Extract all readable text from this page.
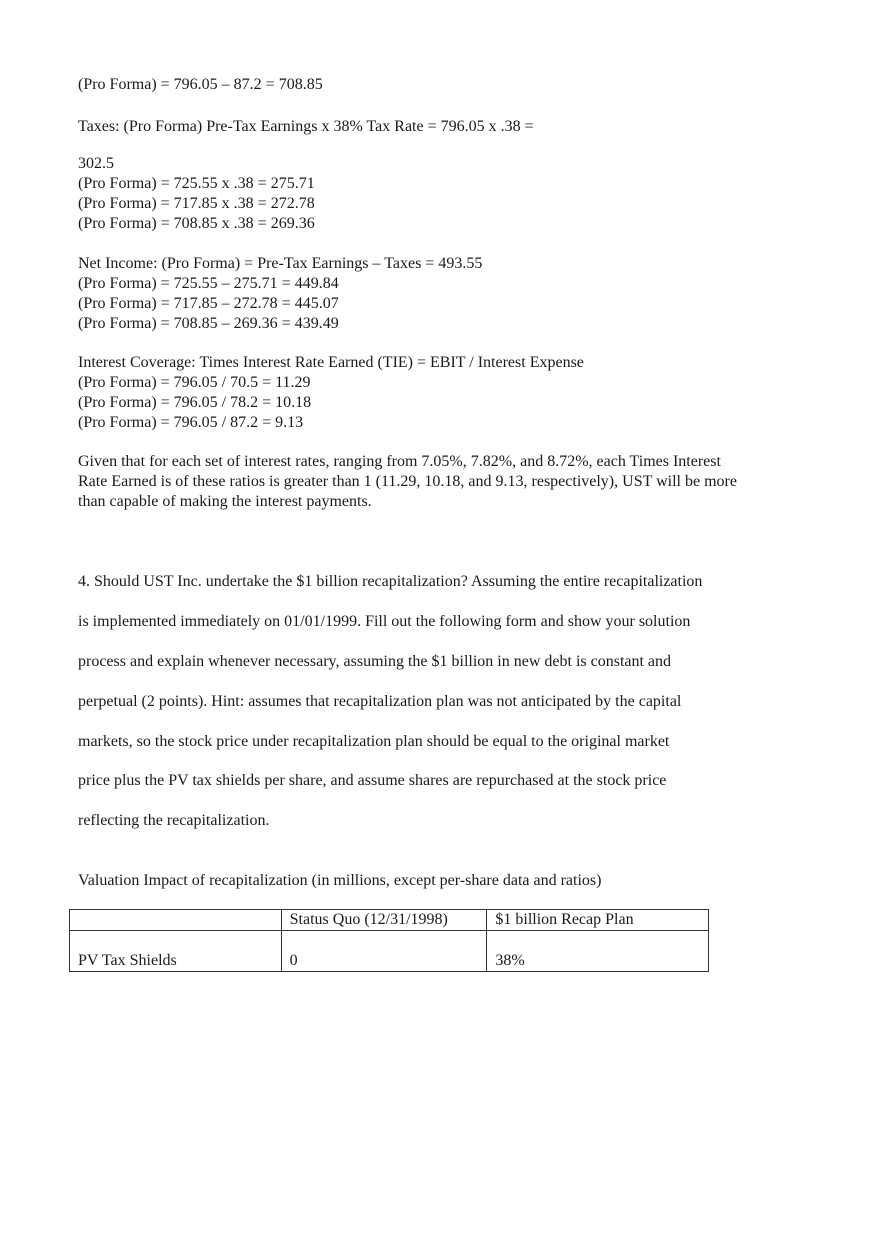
(Pro Forma) = 796.05 – 87.2 = 708.85
Taxes: (Pro Forma) Pre-Tax Earnings x 38% Tax Rate = 796.05 x .38 =
302.5
(Pro Forma) = 725.55 x .38 = 275.71
(Pro Forma) = 717.85 x .38 = 272.78
(Pro Forma) = 708.85 x .38 = 269.36
Net Income: (Pro Forma) = Pre-Tax Earnings – Taxes = 493.55
(Pro Forma) = 725.55 – 275.71 = 449.84
(Pro Forma) = 717.85 – 272.78 = 445.07
(Pro Forma) = 708.85 – 269.36 = 439.49
Interest Coverage: Times Interest Rate Earned (TIE) = EBIT / Interest Expense
(Pro Forma) = 796.05 / 70.5 = 11.29
(Pro Forma) = 796.05 / 78.2 = 10.18
(Pro Forma) = 796.05 / 87.2 = 9.13
Given that for each set of interest rates, ranging from 7.05%, 7.82%, and 8.72%, each Times Interest
Rate Earned is of these ratios is greater than 1 (11.29, 10.18, and 9.13, respectively), UST will be more
than capable of making the interest payments.
4. Should UST Inc. undertake the $1 billion recapitalization? Assuming the entire recapitalization
is implemented immediately on 01/01/1999. Fill out the following form and show your solution
process and explain whenever necessary, assuming the $1 billion in new debt is constant and
perpetual (2 points). Hint: assumes that recapitalization plan was not anticipated by the capital
markets, so the stock price under recapitalization plan should be equal to the original market
price plus the PV tax shields per share, and assume shares are repurchased at the stock price
reflecting the recapitalization.
Valuation Impact of recapitalization (in millions, except per-share data and ratios)
	Status Quo (12/31/1998)	$1 billion Recap Plan
PV Tax Shields	0	38%
